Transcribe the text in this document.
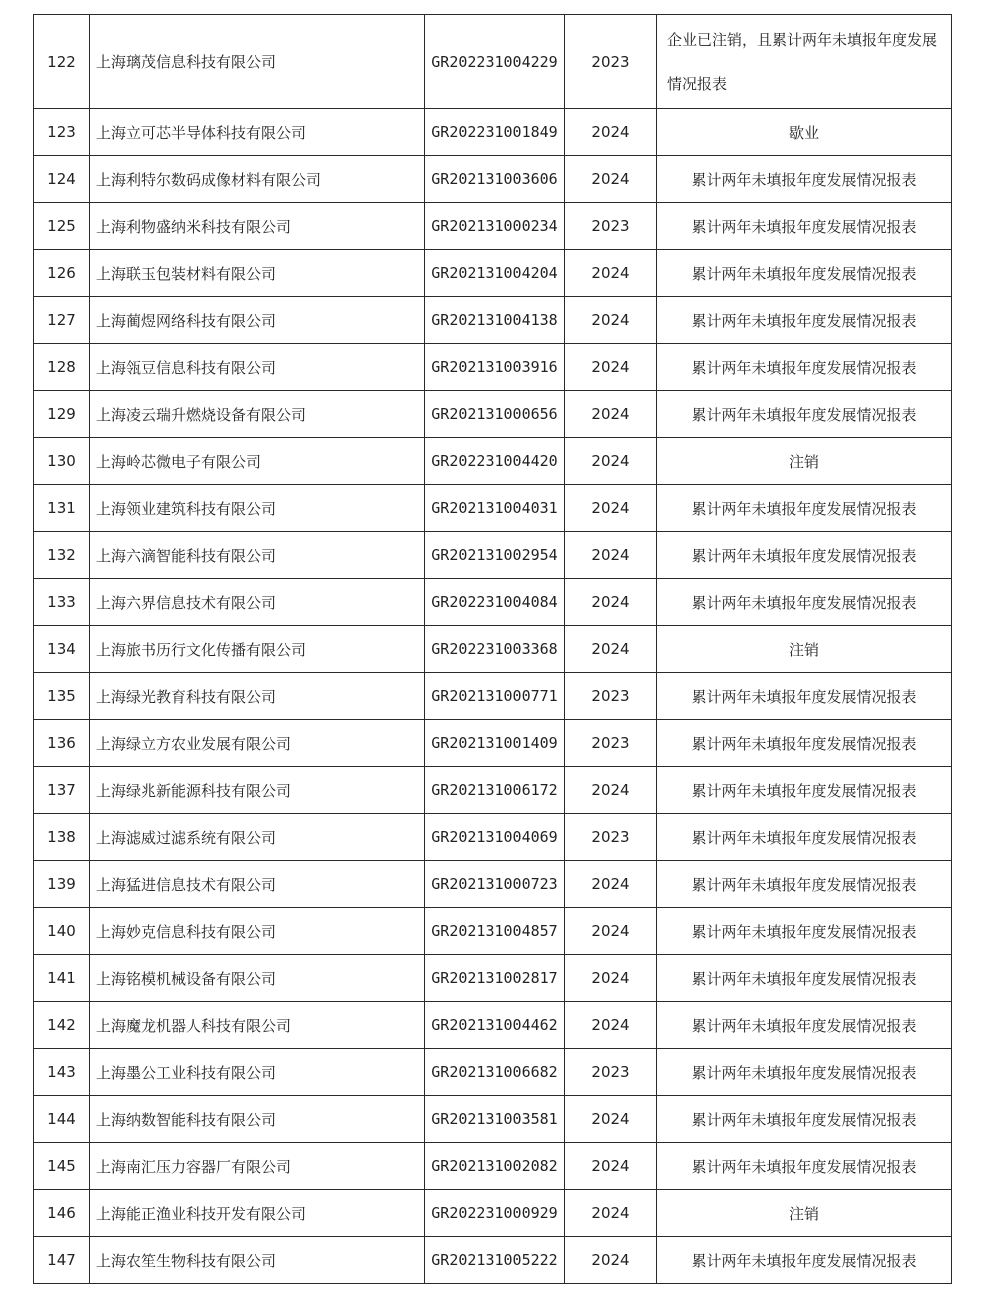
122	上海璃茂信息科技有限公司	GR202231004229	2023	企业已注销，且累计两年未填报年度发展情况报表
123	上海立可芯半导体科技有限公司	GR202231001849	2024	歇业
124	上海利特尔数码成像材料有限公司	GR202131003606	2024	累计两年未填报年度发展情况报表
125	上海利物盛纳米科技有限公司	GR202131000234	2023	累计两年未填报年度发展情况报表
126	上海联玉包装材料有限公司	GR202131004204	2024	累计两年未填报年度发展情况报表
127	上海蔺煜网络科技有限公司	GR202131004138	2024	累计两年未填报年度发展情况报表
128	上海瓴豆信息科技有限公司	GR202131003916	2024	累计两年未填报年度发展情况报表
129	上海凌云瑞升燃烧设备有限公司	GR202131000656	2024	累计两年未填报年度发展情况报表
130	上海岭芯微电子有限公司	GR202231004420	2024	注销
131	上海领业建筑科技有限公司	GR202131004031	2024	累计两年未填报年度发展情况报表
132	上海六滴智能科技有限公司	GR202131002954	2024	累计两年未填报年度发展情况报表
133	上海六界信息技术有限公司	GR202231004084	2024	累计两年未填报年度发展情况报表
134	上海旅书历行文化传播有限公司	GR202231003368	2024	注销
135	上海绿光教育科技有限公司	GR202131000771	2023	累计两年未填报年度发展情况报表
136	上海绿立方农业发展有限公司	GR202131001409	2023	累计两年未填报年度发展情况报表
137	上海绿兆新能源科技有限公司	GR202131006172	2024	累计两年未填报年度发展情况报表
138	上海滤威过滤系统有限公司	GR202131004069	2023	累计两年未填报年度发展情况报表
139	上海猛进信息技术有限公司	GR202131000723	2024	累计两年未填报年度发展情况报表
140	上海妙克信息科技有限公司	GR202131004857	2024	累计两年未填报年度发展情况报表
141	上海铭模机械设备有限公司	GR202131002817	2024	累计两年未填报年度发展情况报表
142	上海魔龙机器人科技有限公司	GR202131004462	2024	累计两年未填报年度发展情况报表
143	上海墨公工业科技有限公司	GR202131006682	2023	累计两年未填报年度发展情况报表
144	上海纳数智能科技有限公司	GR202131003581	2024	累计两年未填报年度发展情况报表
145	上海南汇压力容器厂有限公司	GR202131002082	2024	累计两年未填报年度发展情况报表
146	上海能正渔业科技开发有限公司	GR202231000929	2024	注销
147	上海农笙生物科技有限公司	GR202131005222	2024	累计两年未填报年度发展情况报表
